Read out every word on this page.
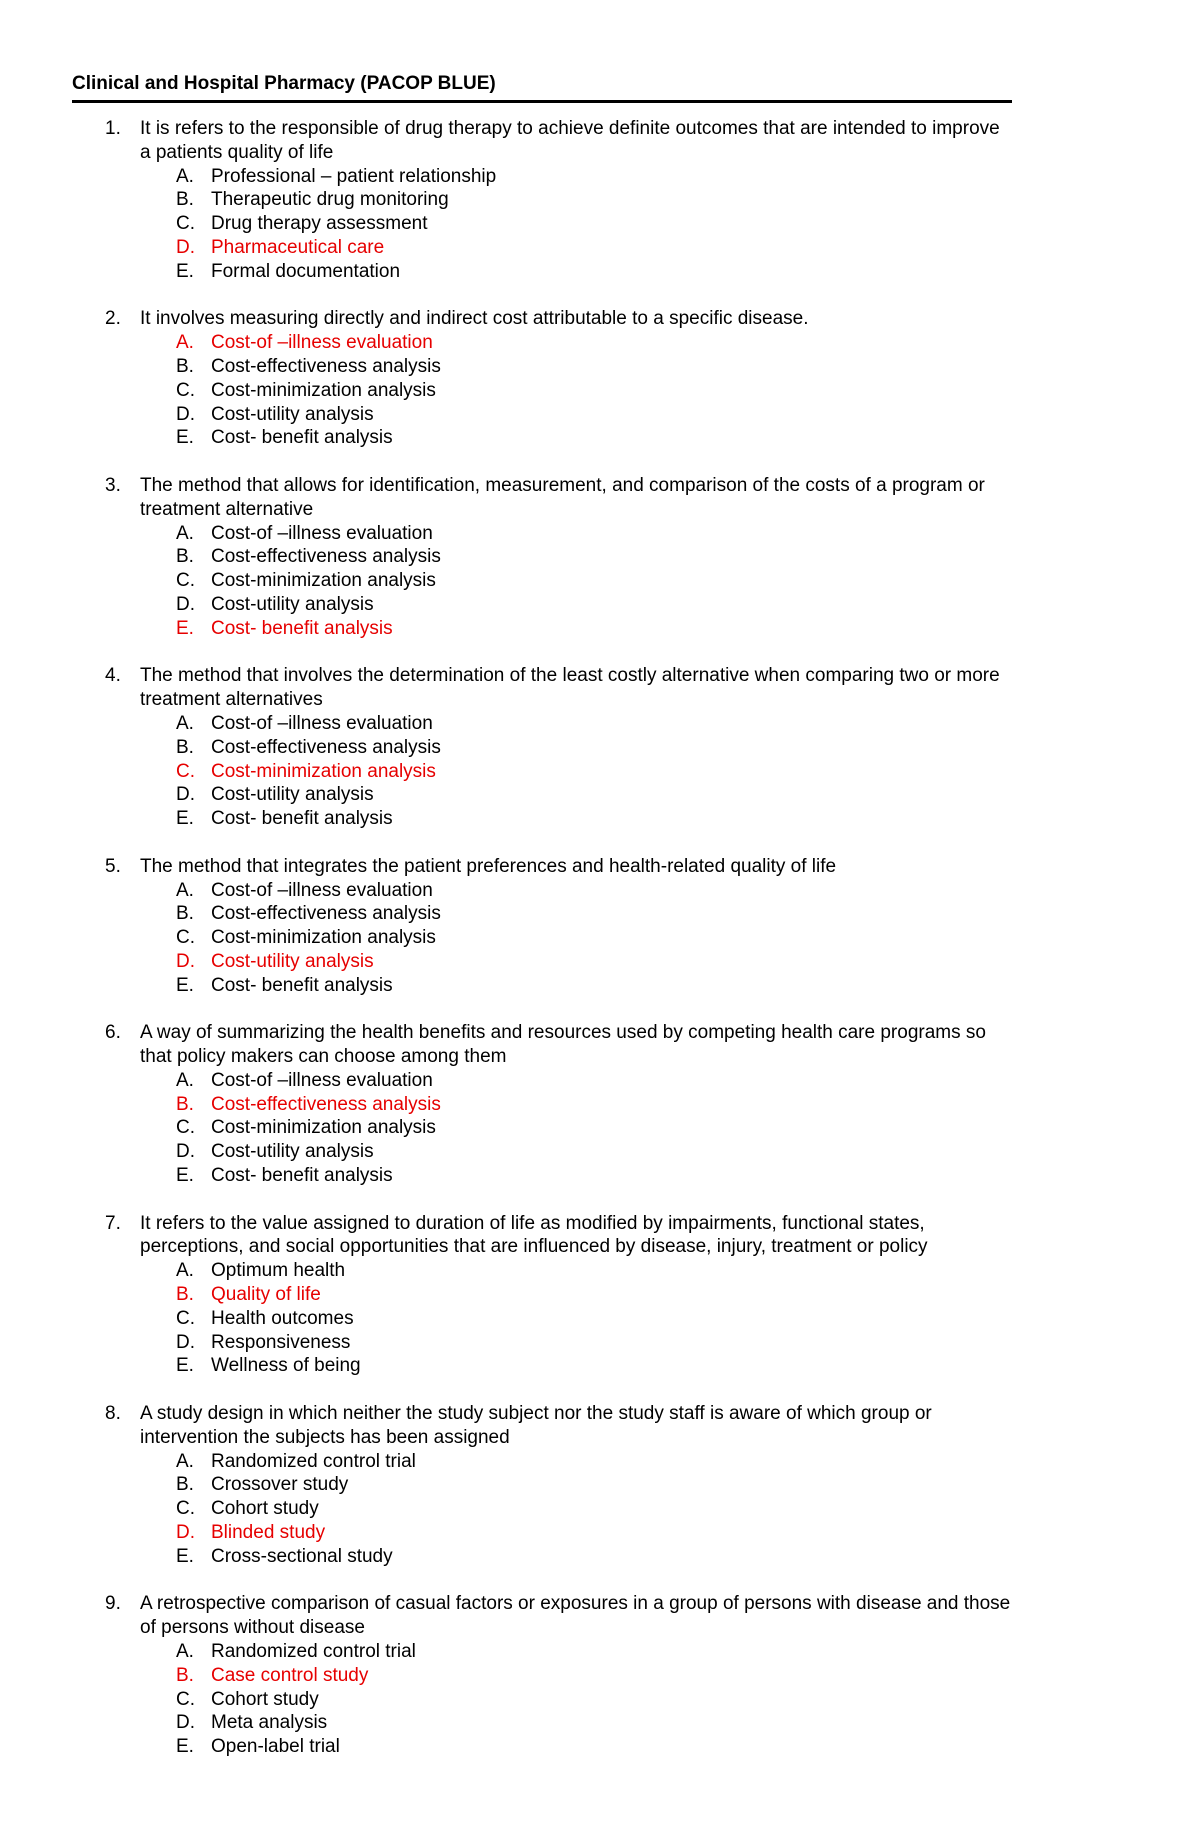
Clinical and Hospital Pharmacy (PACOP BLUE)
1. It is refers to the responsible of drug therapy to achieve definite outcomes that are intended to improve a patients quality of life
A. Professional – patient relationship
B. Therapeutic drug monitoring
C. Drug therapy assessment
D. Pharmaceutical care
E. Formal documentation
2. It involves measuring directly and indirect cost attributable to a specific disease.
A. Cost-of –illness evaluation
B. Cost-effectiveness analysis
C. Cost-minimization analysis
D. Cost-utility analysis
E. Cost- benefit analysis
3. The method that allows for identification, measurement, and comparison of the costs of a program or treatment alternative
A. Cost-of –illness evaluation
B. Cost-effectiveness analysis
C. Cost-minimization analysis
D. Cost-utility analysis
E. Cost- benefit analysis
4. The method that involves the determination of the least costly alternative when comparing two or more treatment alternatives
A. Cost-of –illness evaluation
B. Cost-effectiveness analysis
C. Cost-minimization analysis
D. Cost-utility analysis
E. Cost- benefit analysis
5. The method that integrates the patient preferences and health-related quality of life
A. Cost-of –illness evaluation
B. Cost-effectiveness analysis
C. Cost-minimization analysis
D. Cost-utility analysis
E. Cost- benefit analysis
6. A way of summarizing the health benefits and resources used by competing health care programs so that policy makers can choose among them
A. Cost-of –illness evaluation
B. Cost-effectiveness analysis
C. Cost-minimization analysis
D. Cost-utility analysis
E. Cost- benefit analysis
7. It refers to the value assigned to duration of life as modified by impairments, functional states, perceptions, and social opportunities that are influenced by disease, injury, treatment or policy
A. Optimum health
B. Quality of life
C. Health outcomes
D. Responsiveness
E. Wellness of being
8. A study design in which neither the study subject nor the study staff is aware of which group or intervention the subjects has been assigned
A. Randomized control trial
B. Crossover study
C. Cohort study
D. Blinded study
E. Cross-sectional study
9. A retrospective comparison of casual factors or exposures in a group of persons with disease and those of persons without disease
A. Randomized control trial
B. Case control study
C. Cohort study
D. Meta analysis
E. Open-label trial
